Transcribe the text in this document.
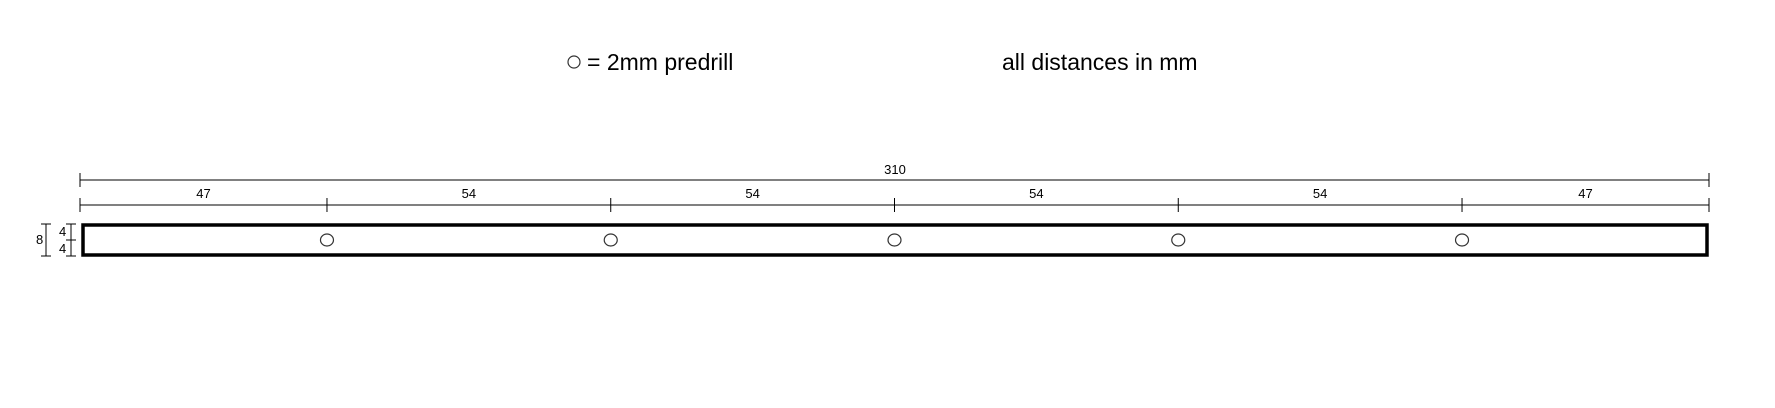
= 2mm predrill	all distances in mm
310
47	54	54	54	54	47
8
4
4
